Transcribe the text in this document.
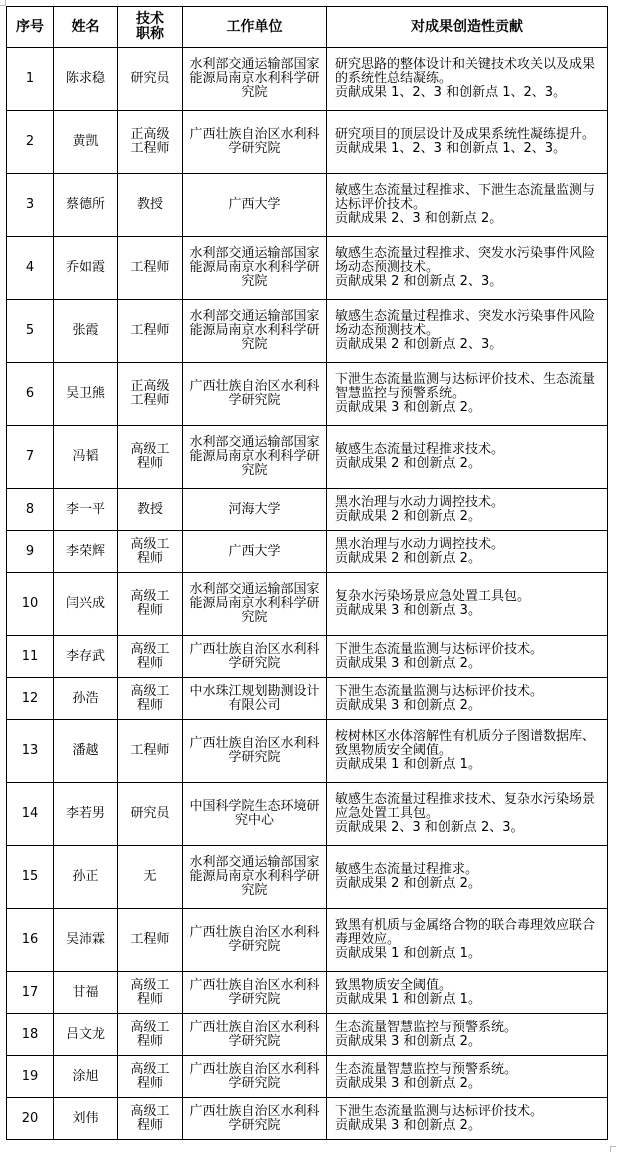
序号	姓名	技术职称	工作单位	对成果创造性贡献
1	陈求稳	研究员	水利部交通运输部国家能源局南京水利科学研究院	研究思路的整体设计和关键技术攻关以及成果的系统性总结凝练。
贡献成果 1、2、3 和创新点 1、2、3。

2	黄凯	正高级工程师	广西壮族自治区水利科学研究院	研究项目的顶层设计及成果系统性凝练提升。
贡献成果 1、2、3 和创新点 1、2、3。

3	蔡德所	教授	广西大学	敏感生态流量过程推求、下泄生态流量监测与达标评价技术。
贡献成果 2、3 和创新点 2。

4	乔如霞	工程师	水利部交通运输部国家能源局南京水利科学研究院	敏感生态流量过程推求、突发水污染事件风险场动态预测技术。
贡献成果 2 和创新点 2、3。

5	张霞	工程师	水利部交通运输部国家能源局南京水利科学研究院	敏感生态流量过程推求、突发水污染事件风险场动态预测技术。
贡献成果 2 和创新点 2、3。

6	吴卫熊	正高级工程师	广西壮族自治区水利科学研究院	下泄生态流量监测与达标评价技术、生态流量智慧监控与预警系统。
贡献成果 3 和创新点 2。

7	冯韬	高级工程师	水利部交通运输部国家能源局南京水利科学研究院	敏感生态流量过程推求技术。
贡献成果 2 和创新点 2。

8	李一平	教授	河海大学	黑水治理与水动力调控技术。
贡献成果 2 和创新点 2。

9	李荣辉	高级工程师	广西大学	黑水治理与水动力调控技术。
贡献成果 2 和创新点 2。

10	闫兴成	高级工程师	水利部交通运输部国家能源局南京水利科学研究院	复杂水污染场景应急处置工具包。
贡献成果 3 和创新点 3。

11	李存武	高级工程师	广西壮族自治区水利科学研究院	下泄生态流量监测与达标评价技术。
贡献成果 3 和创新点 2。

12	孙浩	高级工程师	中水珠江规划勘测设计有限公司	下泄生态流量监测与达标评价技术。
贡献成果 3 和创新点 2。

13	潘越	工程师	广西壮族自治区水利科学研究院	桉树林区水体溶解性有机质分子图谱数据库、致黑物质安全阈值。
贡献成果 1 和创新点 1。

14	李若男	研究员	中国科学院生态环境研究中心	敏感生态流量过程推求技术、复杂水污染场景应急处置工具包。
贡献成果 2、3 和创新点 2、3。

15	孙正	无	水利部交通运输部国家能源局南京水利科学研究院	敏感生态流量过程推求。
贡献成果 2 和创新点 2。

16	吴沛霖	工程师	广西壮族自治区水利科学研究院	致黑有机质与金属络合物的联合毒理效应联合毒理效应。
贡献成果 1 和创新点 1。

17	甘福	高级工程师	广西壮族自治区水利科学研究院	致黑物质安全阈值。
贡献成果 1 和创新点 1。

18	吕文龙	高级工程师	广西壮族自治区水利科学研究院	生态流量智慧监控与预警系统。
贡献成果 3 和创新点 2。

19	涂旭	高级工程师	广西壮族自治区水利科学研究院	生态流量智慧监控与预警系统。
贡献成果 3 和创新点 2。

20	刘伟	高级工程师	广西壮族自治区水利科学研究院	下泄生态流量监测与达标评价技术。
贡献成果 3 和创新点 2。
